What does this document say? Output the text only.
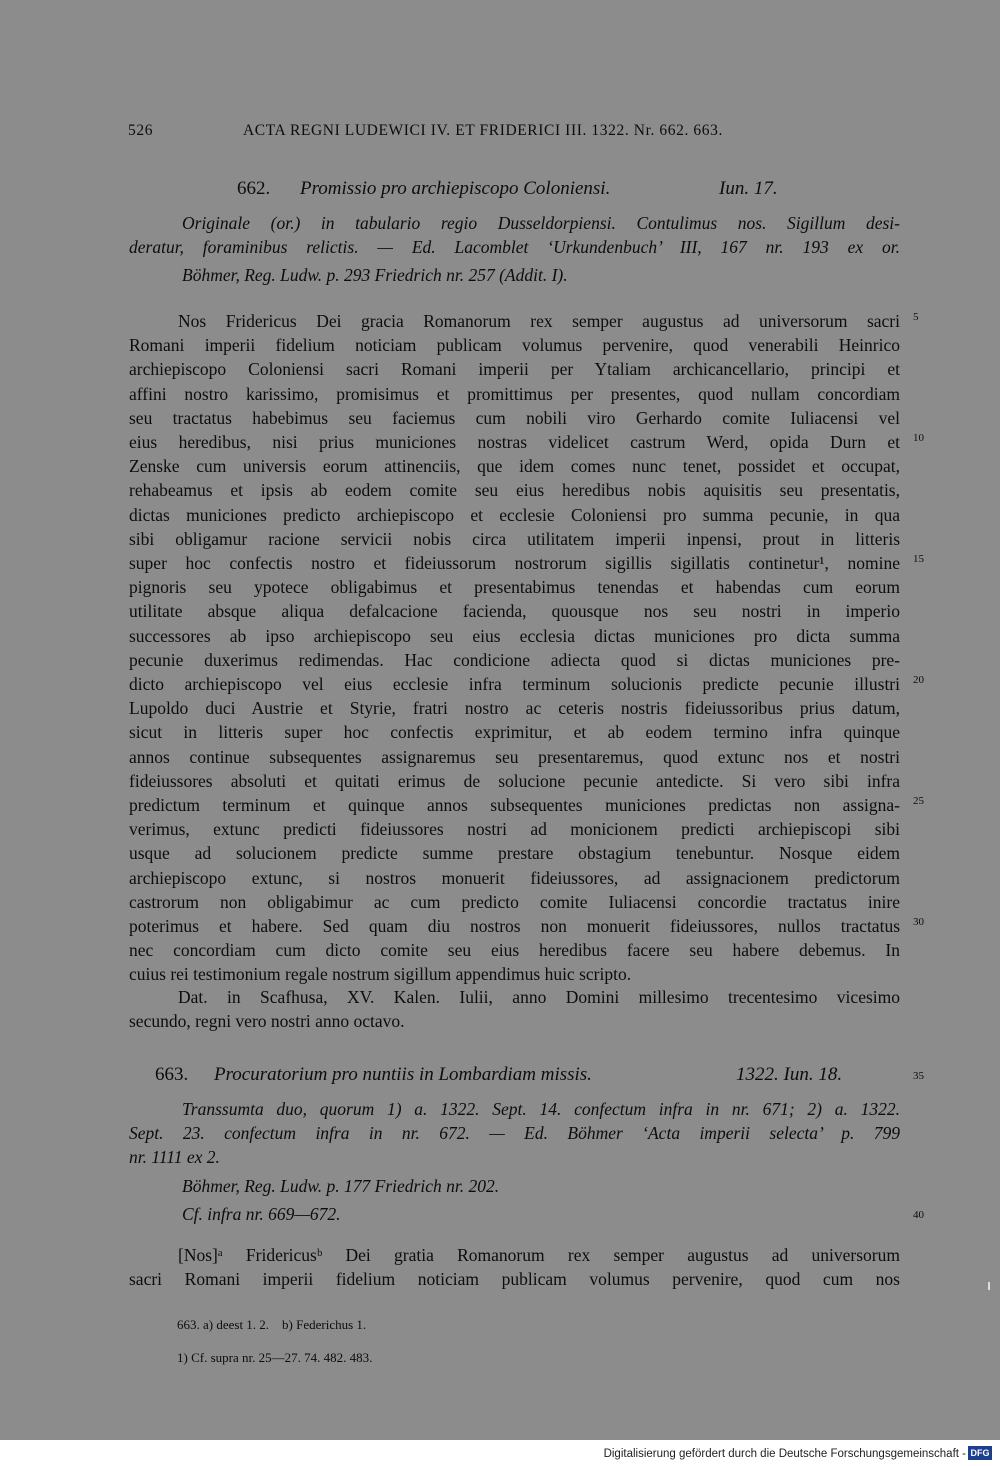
526	ACTA REGNI LUDEWICI IV. ET FRIDERICI III. 1322. Nr. 662. 663.
662. Promissio pro archiepiscopo Coloniensi.	Iun. 17.
Originale (or.) in tabulario regio Dusseldorpiensi. Contulimus nos. Sigillum desi-
deratur, foraminibus relictis. — Ed. Lacomblet ‘Urkundenbuch’ III, 167 nr. 193 ex or.
Böhmer, Reg. Ludw. p. 293 Friedrich nr. 257 (Addit. I).
Nos Fridericus Dei gracia Romanorum rex semper augustus ad universorum sacri
Romani imperii fidelium noticiam publicam volumus pervenire, quod venerabili Heinrico
archiepiscopo Coloniensi sacri Romani imperii per Ytaliam archicancellario, principi et
affini nostro karissimo, promisimus et promittimus per presentes, quod nullam concordiam
seu tractatus habebimus seu faciemus cum nobili viro Gerhardo comite Iuliacensi vel
eius heredibus, nisi prius municiones nostras videlicet castrum Werd, opida Durn et
Zenske cum universis eorum attinenciis, que idem comes nunc tenet, possidet et occupat,
rehabeamus et ipsis ab eodem comite seu eius heredibus nobis aquisitis seu presentatis,
dictas municiones predicto archiepiscopo et ecclesie Coloniensi pro summa pecunie, in qua
sibi obligamur racione servicii nobis circa utilitatem imperii inpensi, prout in litteris
super hoc confectis nostro et fideiussorum nostrorum sigillis sigillatis continetur¹, nomine
pignoris seu ypotece obligabimus et presentabimus tenendas et habendas cum eorum
utilitate absque aliqua defalcacione facienda, quousque nos seu nostri in imperio
successores ab ipso archiepiscopo seu eius ecclesia dictas municiones pro dicta summa
pecunie duxerimus redimendas. Hac condicione adiecta quod si dictas municiones pre-
dicto archiepiscopo vel eius ecclesie infra terminum solucionis predicte pecunie illustri
Lupoldo duci Austrie et Styrie, fratri nostro ac ceteris nostris fideiussoribus prius datum,
sicut in litteris super hoc confectis exprimitur, et ab eodem termino infra quinque
annos continue subsequentes assignaremus seu presentaremus, quod extunc nos et nostri
fideiussores absoluti et quitati erimus de solucione pecunie antedicte. Si vero sibi infra
predictum terminum et quinque annos subsequentes municiones predictas non assigna-
verimus, extunc predicti fideiussores nostri ad monicionem predicti archiepiscopi sibi
usque ad solucionem predicte summe prestare obstagium tenebuntur. Nosque eidem
archiepiscopo extunc, si nostros monuerit fideiussores, ad assignacionem predictorum
castrorum non obligabimur ac cum predicto comite Iuliacensi concordie tractatus inire
poterimus et habere. Sed quam diu nostros non monuerit fideiussores, nullos tractatus
nec concordiam cum dicto comite seu eius heredibus facere seu habere debemus. In
cuius rei testimonium regale nostrum sigillum appendimus huic scripto.
Dat. in Scafhusa, XV. Kalen. Iulii, anno Domini millesimo trecentesimo vicesimo
secundo, regni vero nostri anno octavo.
663. Procuratorium pro nuntiis in Lombardiam missis.	1322. Iun. 18.
Transsumta duo, quorum 1) a. 1322. Sept. 14. confectum infra in nr. 671; 2) a. 1322.
Sept. 23. confectum infra in nr. 672. — Ed. Böhmer ‘Acta imperii selecta’ p. 799
nr. 1111 ex 2.
Böhmer, Reg. Ludw. p. 177 Friedrich nr. 202.
Cf. infra nr. 669—672.
[Nos]ᵃ Fridericusᵇ Dei gratia Romanorum rex semper augustus ad universorum
sacri Romani imperii fidelium noticiam publicam volumus pervenire, quod cum nos
5
10
15
20
25
30
35
40
663. a) deest 1. 2.    b) Federichus 1.
1) Cf. supra nr. 25—27. 74. 482. 483.
Digitalisierung gefördert durch die Deutsche Forschungsgemeinschaft - DFG
